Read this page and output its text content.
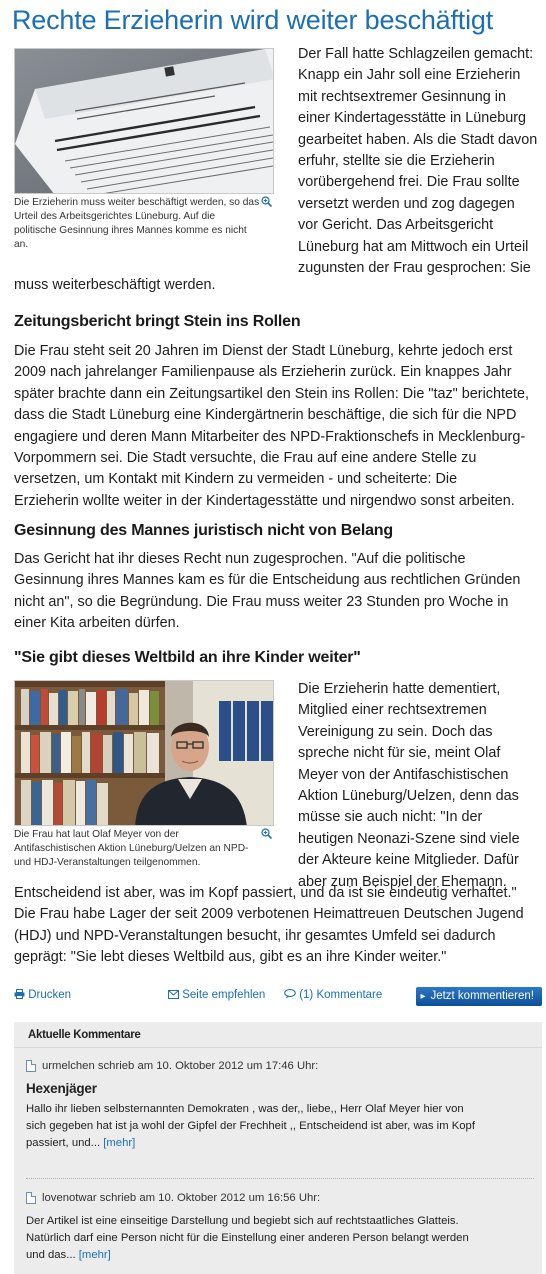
Rechte Erzieherin wird weiter beschäftigt
Die Erzieherin muss weiter beschäftigt werden, so das Urteil des Arbeitsgerichtes Lüneburg. Auf die politische Gesinnung ihres Mannes komme es nicht an.
Der Fall hatte Schlagzeilen gemacht:
Knapp ein Jahr soll eine Erzieherin
mit rechtsextremer Gesinnung in
einer Kindertagesstätte in Lüneburg
gearbeitet haben. Als die Stadt davon
erfuhr, stellte sie die Erzieherin
vorübergehend frei. Die Frau sollte
versetzt werden und zog dagegen
vor Gericht. Das Arbeitsgericht
Lüneburg hat am Mittwoch ein Urteil
zugunsten der Frau gesprochen: Sie
muss weiterbeschäftigt werden.
Zeitungsbericht bringt Stein ins Rollen
Die Frau steht seit 20 Jahren im Dienst der Stadt Lüneburg, kehrte jedoch erst
2009 nach jahrelanger Familienpause als Erzieherin zurück. Ein knappes Jahr
später brachte dann ein Zeitungsartikel den Stein ins Rollen: Die "taz" berichtete,
dass die Stadt Lüneburg eine Kindergärtnerin beschäftige, die sich für die NPD
engagiere und deren Mann Mitarbeiter des NPD-Fraktionschefs in Mecklenburg-
Vorpommern sei. Die Stadt versuchte, die Frau auf eine andere Stelle zu
versetzen, um Kontakt mit Kindern zu vermeiden - und scheiterte: Die
Erzieherin wollte weiter in der Kindertagesstätte und nirgendwo sonst arbeiten.
Gesinnung des Mannes juristisch nicht von Belang
Das Gericht hat ihr dieses Recht nun zugesprochen. "Auf die politische
Gesinnung ihres Mannes kam es für die Entscheidung aus rechtlichen Gründen
nicht an", so die Begründung. Die Frau muss weiter 23 Stunden pro Woche in
einer Kita arbeiten dürfen.
"Sie gibt dieses Weltbild an ihre Kinder weiter"
Die Frau hat laut Olaf Meyer von der Antifaschistischen Aktion Lüneburg/Uelzen an NPD- und HDJ-Veranstaltungen teilgenommen.
Die Erzieherin hatte dementiert,
Mitglied einer rechtsextremen
Vereinigung zu sein. Doch das
spreche nicht für sie, meint Olaf
Meyer von der Antifaschistischen
Aktion Lüneburg/Uelzen, denn das
müsse sie auch nicht: "In der
heutigen Neonazi-Szene sind viele
der Akteure keine Mitglieder. Dafür
aber zum Beispiel der Ehemann.
Entscheidend ist aber, was im Kopf passiert, und da ist sie eindeutig verhaftet."
Die Frau habe Lager der seit 2009 verbotenen Heimattreuen Deutschen Jugend
(HDJ) und NPD-Veranstaltungen besucht, ihr gesamtes Umfeld sei dadurch
geprägt: "Sie lebt dieses Weltbild aus, gibt es an ihre Kinder weiter."
Drucken	Seite empfehlen	(1) Kommentare
▸	Jetzt kommentieren!
Aktuelle Kommentare
urmelchen schrieb am 10. Oktober 2012 um 17:46 Uhr:
Hexenjäger
Hallo ihr lieben selbsternannten Demokraten , was der,, liebe,, Herr Olaf Meyer hier von
sich gegeben hat ist ja wohl der Gipfel der Frechheit ,, Entscheidend ist aber, was im Kopf
passiert, und... [mehr]
lovenotwar schrieb am 10. Oktober 2012 um 16:56 Uhr:
Der Artikel ist eine einseitige Darstellung und begiebt sich auf rechtstaatliches Glatteis.
Natürlich darf eine Person nicht für die Einstellung einer anderen Person belangt werden
und das... [mehr]
